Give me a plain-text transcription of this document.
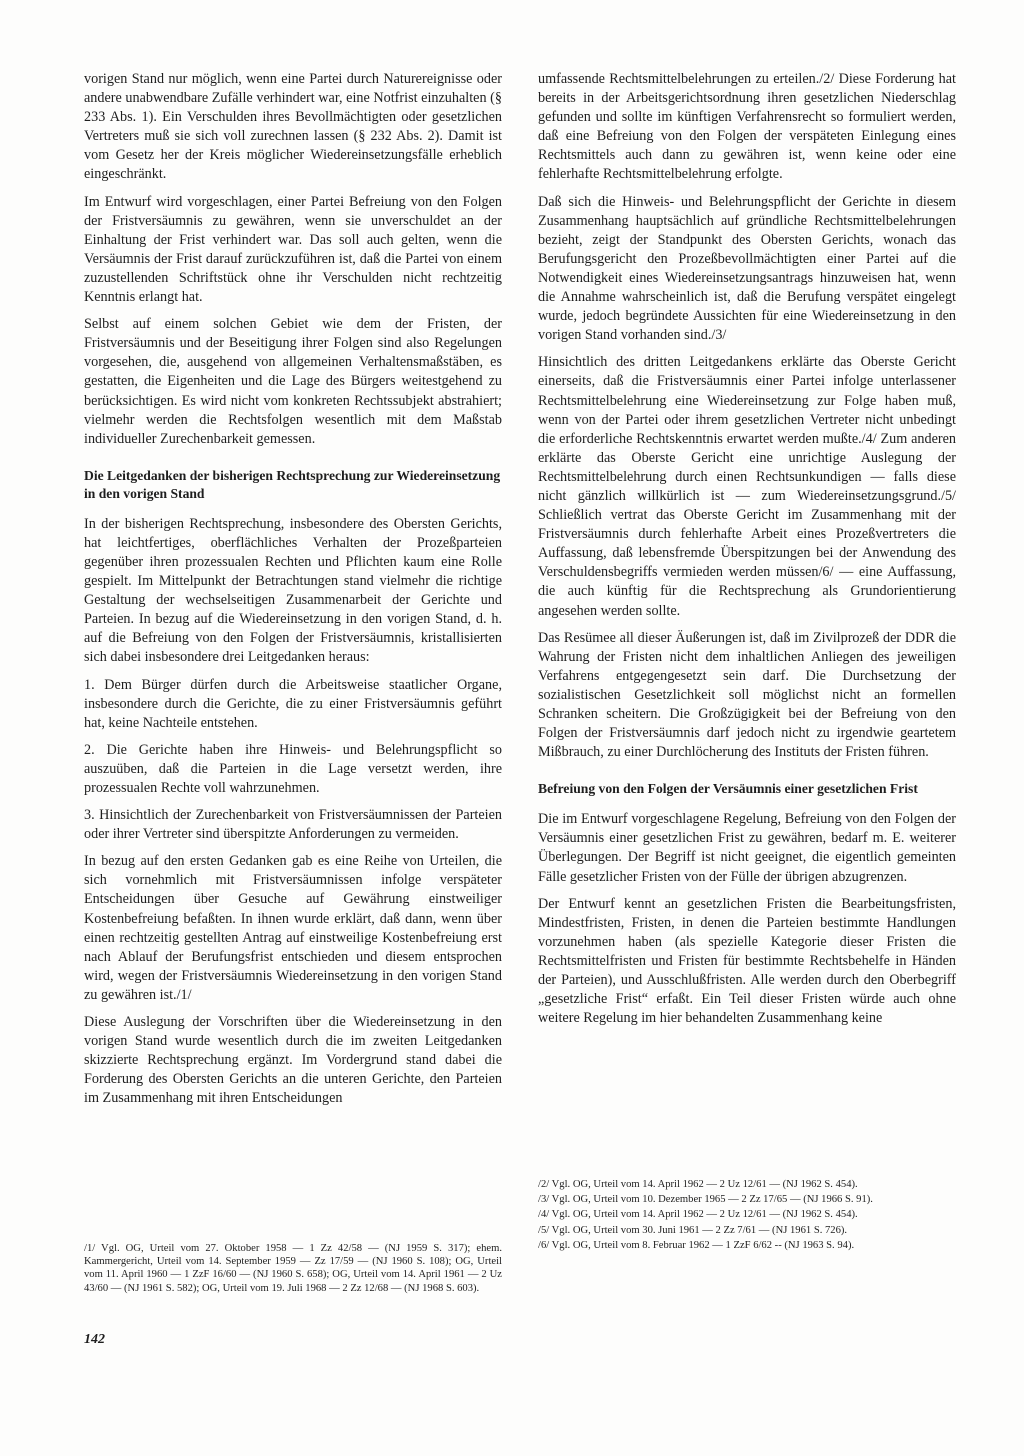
vorigen Stand nur möglich, wenn eine Partei durch Naturereignisse oder andere unabwendbare Zufälle verhindert war, eine Notfrist einzuhalten (§ 233 Abs. 1). Ein Verschulden ihres Bevollmächtigten oder gesetzlichen Vertreters muß sie sich voll zurechnen lassen (§ 232 Abs. 2). Damit ist vom Gesetz her der Kreis möglicher Wiedereinsetzungsfälle erheblich eingeschränkt.

Im Entwurf wird vorgeschlagen, einer Partei Befreiung von den Folgen der Fristversäumnis zu gewähren, wenn sie unverschuldet an der Einhaltung der Frist verhindert war. Das soll auch gelten, wenn die Versäumnis der Frist darauf zurückzuführen ist, daß die Partei von einem zuzustellenden Schriftstück ohne ihr Verschulden nicht rechtzeitig Kenntnis erlangt hat.

Selbst auf einem solchen Gebiet wie dem der Fristen, der Fristversäumnis und der Beseitigung ihrer Folgen sind also Regelungen vorgesehen, die, ausgehend von allgemeinen Verhaltensmaßstäben, es gestatten, die Eigenheiten und die Lage des Bürgers weitestgehend zu berücksichtigen. Es wird nicht vom konkreten Rechtssubjekt abstrahiert; vielmehr werden die Rechtsfolgen wesentlich mit dem Maßstab individueller Zurechenbarkeit gemessen.

Die Leitgedanken der bisherigen Rechtsprechung zur Wiedereinsetzung in den vorigen Stand

In der bisherigen Rechtsprechung, insbesondere des Obersten Gerichts, hat leichtfertiges, oberflächliches Verhalten der Prozeßparteien gegenüber ihren prozessualen Rechten und Pflichten kaum eine Rolle gespielt. Im Mittelpunkt der Betrachtungen stand vielmehr die richtige Gestaltung der wechselseitigen Zusammenarbeit der Gerichte und Parteien. In bezug auf die Wiedereinsetzung in den vorigen Stand, d. h. auf die Befreiung von den Folgen der Fristversäumnis, kristallisierten sich dabei insbesondere drei Leitgedanken heraus:

1. Dem Bürger dürfen durch die Arbeitsweise staatlicher Organe, insbesondere durch die Gerichte, die zu einer Fristversäumnis geführt hat, keine Nachteile entstehen.

2. Die Gerichte haben ihre Hinweis- und Belehrungspflicht so auszuüben, daß die Parteien in die Lage versetzt werden, ihre prozessualen Rechte voll wahrzunehmen.

3. Hinsichtlich der Zurechenbarkeit von Fristversäumnissen der Parteien oder ihrer Vertreter sind überspitzte Anforderungen zu vermeiden.

In bezug auf den ersten Gedanken gab es eine Reihe von Urteilen, die sich vornehmlich mit Fristversäumnissen infolge verspäteter Entscheidungen über Gesuche auf Gewährung einstweiliger Kostenbefreiung befaßten. In ihnen wurde erklärt, daß dann, wenn über einen rechtzeitig gestellten Antrag auf einstweilige Kostenbefreiung erst nach Ablauf der Berufungsfrist entschieden und diesem entsprochen wird, wegen der Fristversäumnis Wiedereinsetzung in den vorigen Stand zu gewähren ist./1/

Diese Auslegung der Vorschriften über die Wiedereinsetzung in den vorigen Stand wurde wesentlich durch die im zweiten Leitgedanken skizzierte Rechtsprechung ergänzt. Im Vordergrund stand dabei die Forderung des Obersten Gerichts an die unteren Gerichte, den Parteien im Zusammenhang mit ihren Entscheidungen

/1/ Vgl. OG, Urteil vom 27. Oktober 1958 — 1 Zz 42/58 — (NJ 1959 S. 317); ehem. Kammergericht, Urteil vom 14. September 1959 — Zz 17/59 — (NJ 1960 S. 108); OG, Urteil vom 11. April 1960 — 1 ZzF 16/60 — (NJ 1960 S. 658); OG, Urteil vom 14. April 1961 — 2 Uz 43/60 — (NJ 1961 S. 582); OG, Urteil vom 19. Juli 1968 — 2 Zz 12/68 — (NJ 1968 S. 603).

umfassende Rechtsmittelbelehrungen zu erteilen./2/ Diese Forderung hat bereits in der Arbeitsgerichtsordnung ihren gesetzlichen Niederschlag gefunden und sollte im künftigen Verfahrensrecht so formuliert werden, daß eine Befreiung von den Folgen der verspäteten Einlegung eines Rechtsmittels auch dann zu gewähren ist, wenn keine oder eine fehlerhafte Rechtsmittelbelehrung erfolgte.

Daß sich die Hinweis- und Belehrungspflicht der Gerichte in diesem Zusammenhang hauptsächlich auf gründliche Rechtsmittelbelehrungen bezieht, zeigt der Standpunkt des Obersten Gerichts, wonach das Berufungsgericht den Prozeßbevollmächtigten einer Partei auf die Notwendigkeit eines Wiedereinsetzungsantrags hinzuweisen hat, wenn die Annahme wahrscheinlich ist, daß die Berufung verspätet eingelegt wurde, jedoch begründete Aussichten für eine Wiedereinsetzung in den vorigen Stand vorhanden sind./3/

Hinsichtlich des dritten Leitgedankens erklärte das Oberste Gericht einerseits, daß die Fristversäumnis einer Partei infolge unterlassener Rechtsmittelbelehrung eine Wiedereinsetzung zur Folge haben muß, wenn von der Partei oder ihrem gesetzlichen Vertreter nicht unbedingt die erforderliche Rechtskenntnis erwartet werden mußte./4/ Zum anderen erklärte das Oberste Gericht eine unrichtige Auslegung der Rechtsmittelbelehrung durch einen Rechtsunkundigen — falls diese nicht gänzlich willkürlich ist — zum Wiedereinsetzungsgrund./5/ Schließlich vertrat das Oberste Gericht im Zusammenhang mit der Fristversäumnis durch fehlerhafte Arbeit eines Prozeßvertreters die Auffassung, daß lebensfremde Überspitzungen bei der Anwendung des Verschuldensbegriffs vermieden werden müssen/6/ — eine Auffassung, die auch künftig für die Rechtsprechung als Grundorientierung angesehen werden sollte.

Das Resümee all dieser Äußerungen ist, daß im Zivilprozeß der DDR die Wahrung der Fristen nicht dem inhaltlichen Anliegen des jeweiligen Verfahrens entgegengesetzt sein darf. Die Durchsetzung der sozialistischen Gesetzlichkeit soll möglichst nicht an formellen Schranken scheitern. Die Großzügigkeit bei der Befreiung von den Folgen der Fristversäumnis darf jedoch nicht zu irgendwie geartetem Mißbrauch, zu einer Durchlöcherung des Instituts der Fristen führen.

Befreiung von den Folgen der Versäumnis einer gesetzlichen Frist

Die im Entwurf vorgeschlagene Regelung, Befreiung von den Folgen der Versäumnis einer gesetzlichen Frist zu gewähren, bedarf m. E. weiterer Überlegungen. Der Begriff ist nicht geeignet, die eigentlich gemeinten Fälle gesetzlicher Fristen von der Fülle der übrigen abzugrenzen.

Der Entwurf kennt an gesetzlichen Fristen die Bearbeitungsfristen, Mindestfristen, Fristen, in denen die Parteien bestimmte Handlungen vorzunehmen haben (als spezielle Kategorie dieser Fristen die Rechtsmittelfristen und Fristen für bestimmte Rechtsbehelfe in Händen der Parteien), und Ausschlußfristen. Alle werden durch den Oberbegriff „gesetzliche Frist“ erfaßt. Ein Teil dieser Fristen würde auch ohne weitere Regelung im hier behandelten Zusammenhang keine

/2/ Vgl. OG, Urteil vom 14. April 1962 — 2 Uz 12/61 — (NJ 1962 S. 454).

/3/ Vgl. OG, Urteil vom 10. Dezember 1965 — 2 Zz 17/65 — (NJ 1966 S. 91).

/4/ Vgl. OG, Urteil vom 14. April 1962 — 2 Uz 12/61 — (NJ 1962 S. 454).

/5/ Vgl. OG, Urteil vom 30. Juni 1961 — 2 Zz 7/61 — (NJ 1961 S. 726).

/6/ Vgl. OG, Urteil vom 8. Februar 1962 — 1 ZzF 6/62 -- (NJ 1963 S. 94).

142
